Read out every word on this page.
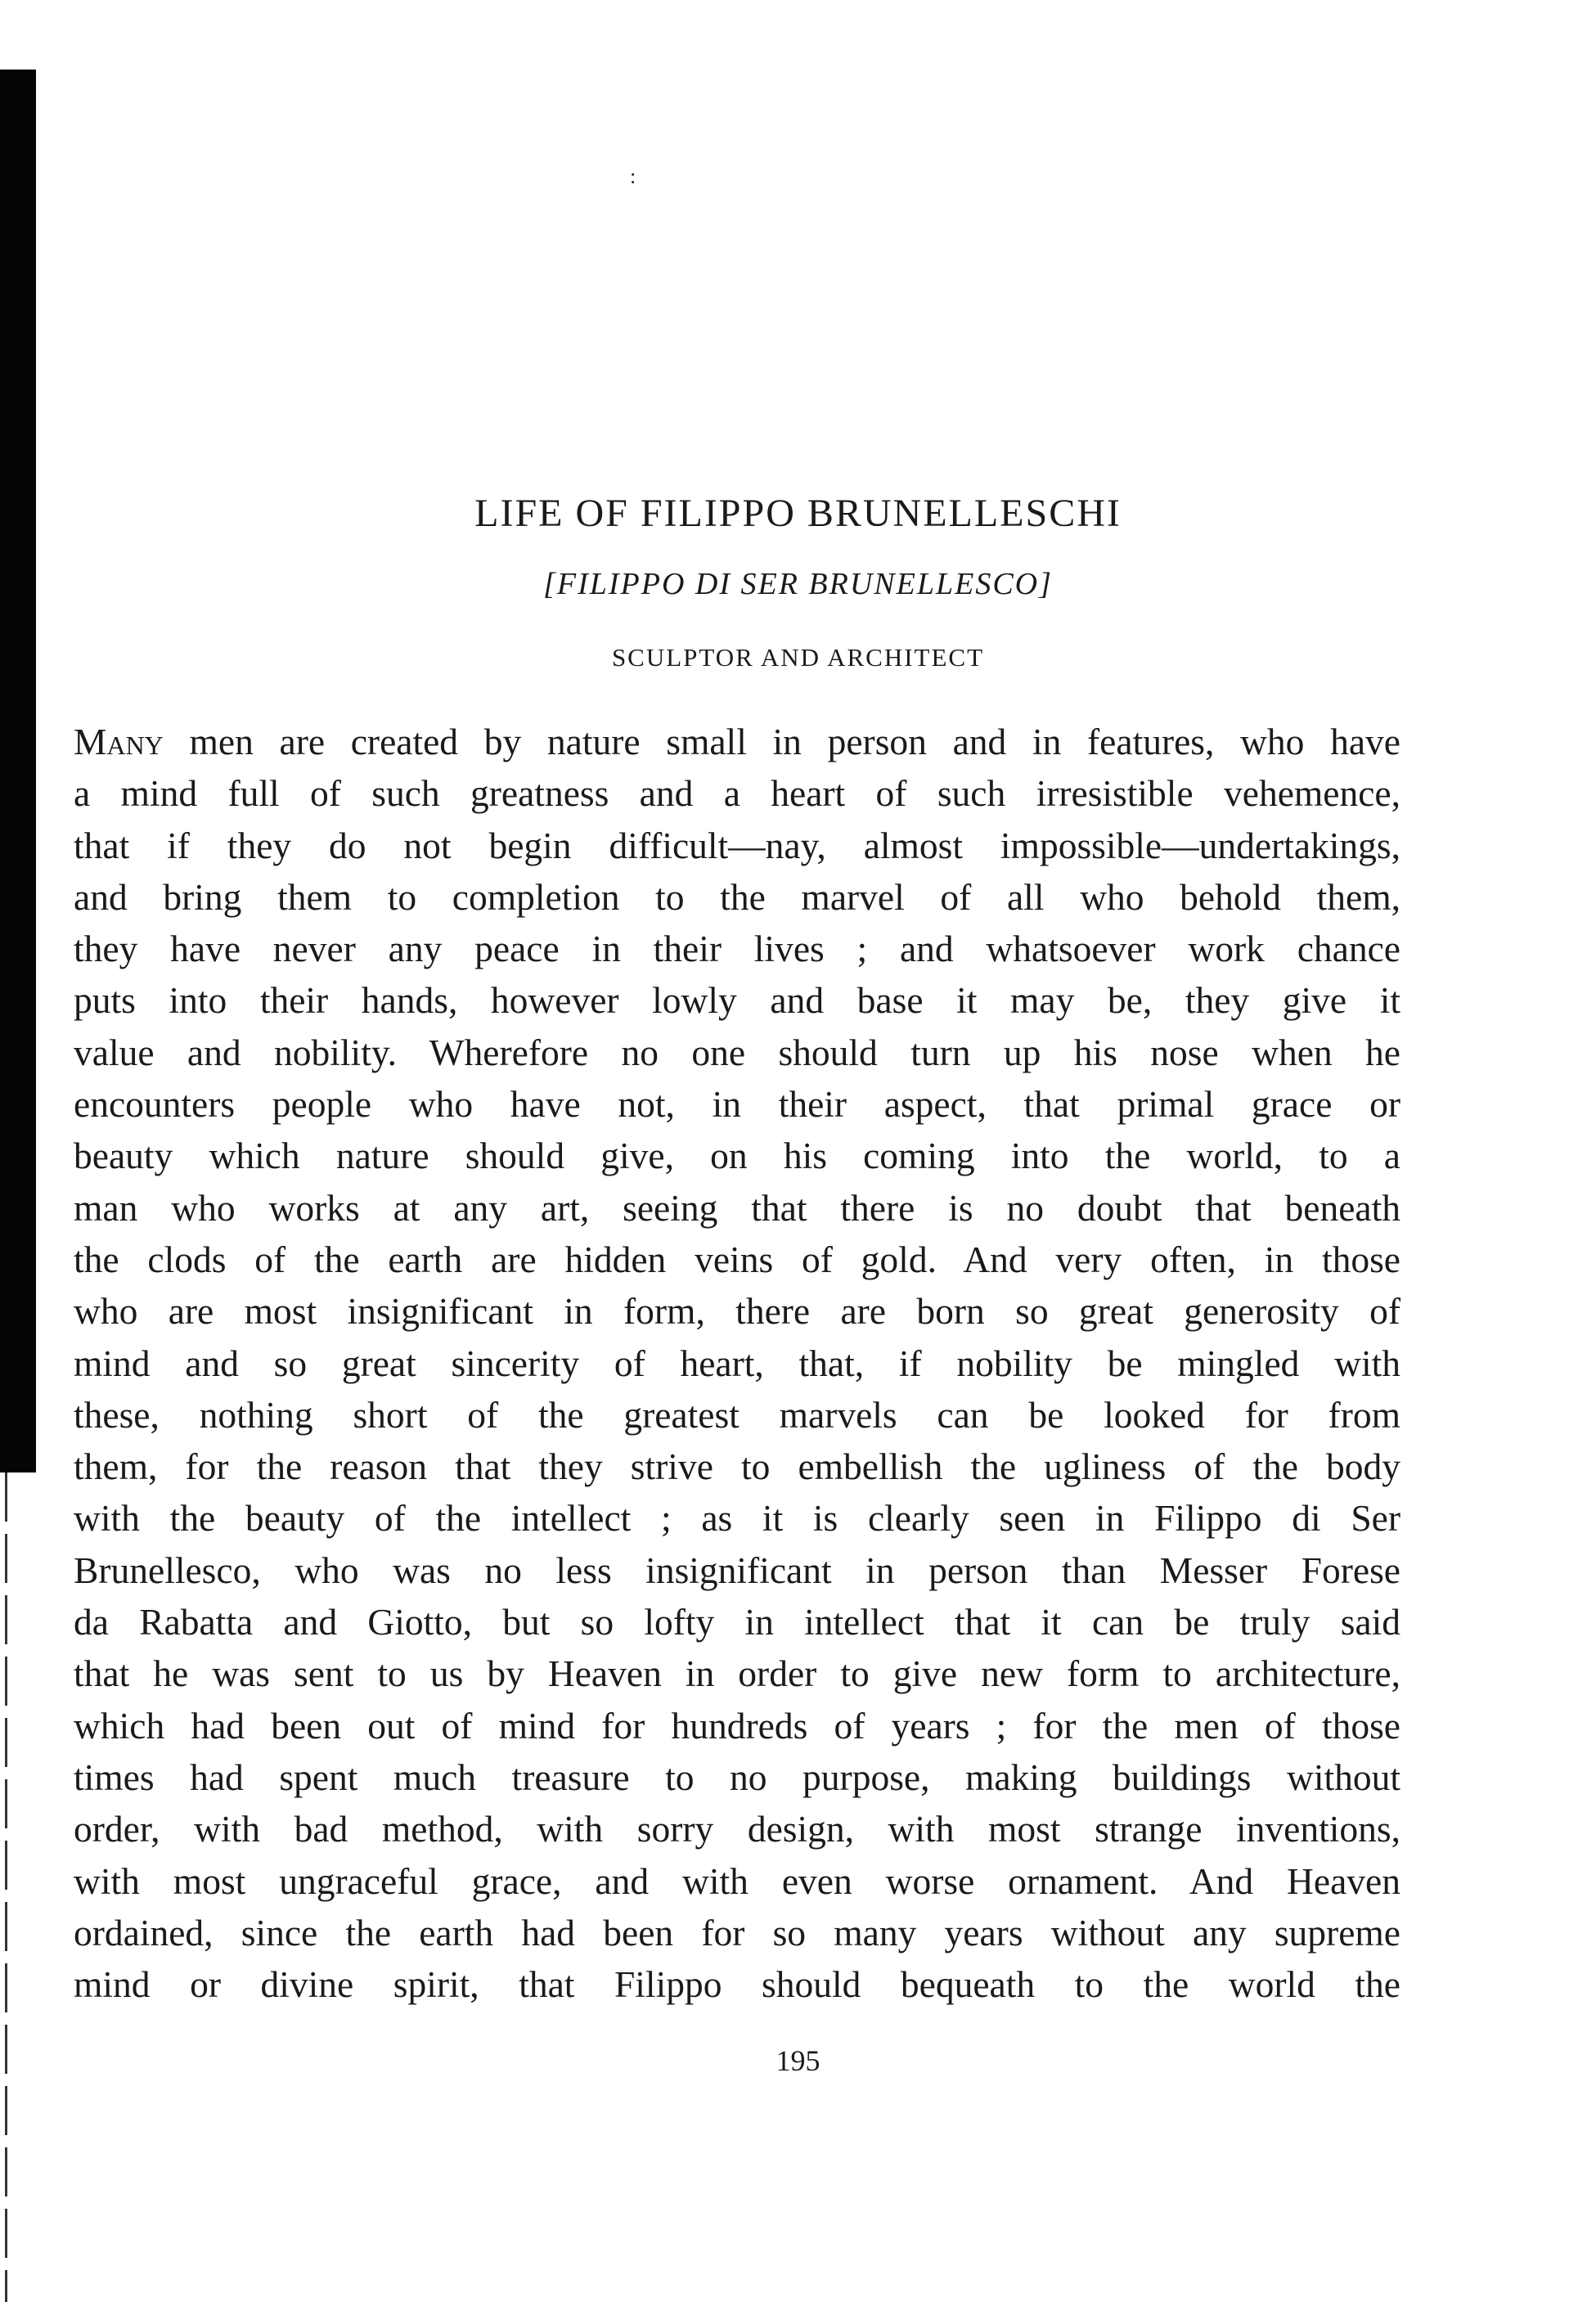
:
LIFE OF FILIPPO BRUNELLESCHI
[FILIPPO DI SER BRUNELLESCO]
SCULPTOR AND ARCHITECT
Many men are created by nature small in person and in features, who have
a mind full of such greatness and a heart of such irresistible vehemence,
that if they do not begin difficult—nay, almost impossible—undertakings,
and bring them to completion to the marvel of all who behold them,
they have never any peace in their lives ; and whatsoever work chance
puts into their hands, however lowly and base it may be, they give it
value and nobility. Wherefore no one should turn up his nose when he
encounters people who have not, in their aspect, that primal grace or
beauty which nature should give, on his coming into the world, to a
man who works at any art, seeing that there is no doubt that beneath
the clods of the earth are hidden veins of gold. And very often, in those
who are most insignificant in form, there are born so great generosity of
mind and so great sincerity of heart, that, if nobility be mingled with
these, nothing short of the greatest marvels can be looked for from
them, for the reason that they strive to embellish the ugliness of the body
with the beauty of the intellect ; as it is clearly seen in Filippo di Ser
Brunellesco, who was no less insignificant in person than Messer Forese
da Rabatta and Giotto, but so lofty in intellect that it can be truly said
that he was sent to us by Heaven in order to give new form to architecture,
which had been out of mind for hundreds of years ; for the men of those
times had spent much treasure to no purpose, making buildings without
order, with bad method, with sorry design, with most strange inventions,
with most ungraceful grace, and with even worse ornament. And Heaven
ordained, since the earth had been for so many years without any supreme
mind or divine spirit, that Filippo should bequeath to the world the
195
